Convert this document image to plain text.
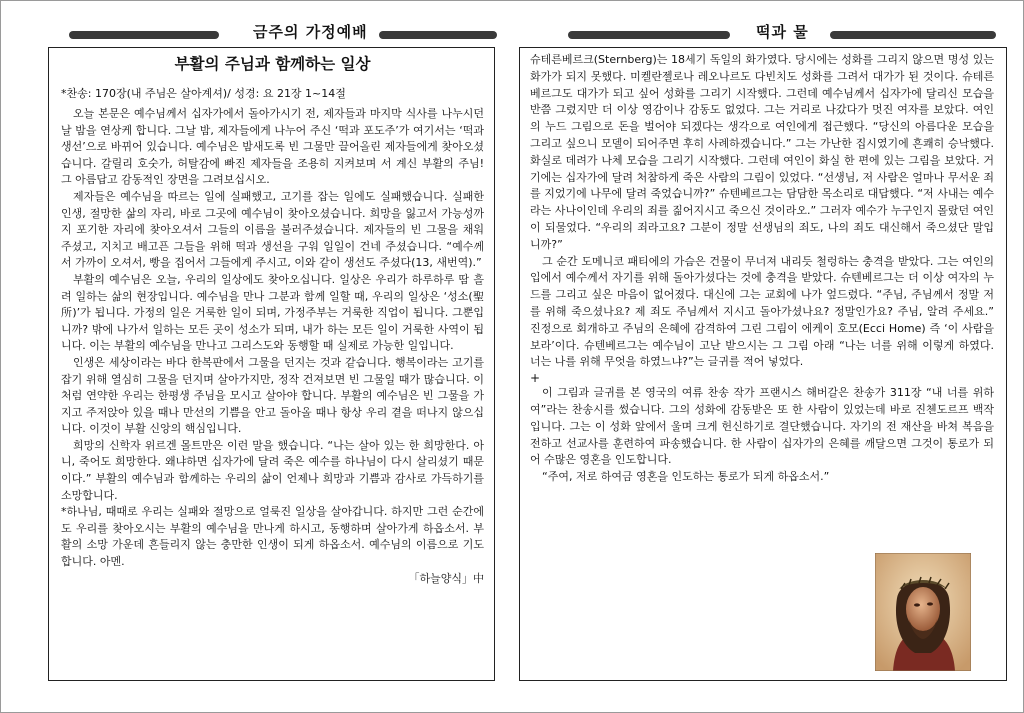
금주의 가정예배	떡과 물

부활의 주님과 함께하는 일상

*찬송: 170장(내 주님은 살아계셔)/ 성경: 요 21장 1~14절

오늘 본문은 예수님께서 십자가에서 돌아가시기 전, 제자들과 마지막 식사를 나누시던 날 밤을 연상케 합니다. 그날 밤, 제자들에게 나누어 주신 ‘떡과 포도주’가 여기서는 ‘떡과 생선’으로 바뀌어 있습니다. 예수님은 밤새도록 빈 그물만 끌어올린 제자들에게 찾아오셨습니다. 갈릴리 호숫가, 허탈감에 빠진 제자들을 조용히 지켜보며 서 계신 부활의 주님! 그 아름답고 감동적인 장면을 그려보십시오.

제자들은 예수님을 따르는 일에 실패했고, 고기를 잡는 일에도 실패했습니다. 실패한 인생, 절망한 삶의 자리, 바로 그곳에 예수님이 찾아오셨습니다. 희망을 잃고서 가능성까지 포기한 자리에 찾아오셔서 그들의 이름을 불러주셨습니다. 제자들의 빈 그물을 채워 주셨고, 지치고 배고픈 그들을 위해 떡과 생선을 구워 일일이 건네 주셨습니다. “예수께서 가까이 오셔서, 빵을 집어서 그들에게 주시고, 이와 같이 생선도 주셨다(13, 새번역).”

부활의 예수님은 오늘, 우리의 일상에도 찾아오십니다. 일상은 우리가 하루하루 땀 흘려 일하는 삶의 현장입니다. 예수님을 만나 그분과 함께 일할 때, 우리의 일상은 ‘성소(聖所)’가 됩니다. 가정의 일은 거룩한 일이 되며, 가정주부는 거룩한 직업이 됩니다. 그뿐입니까? 밖에 나가서 일하는 모든 곳이 성소가 되며, 내가 하는 모든 일이 거룩한 사역이 됩니다. 이는 부활의 예수님을 만나고 그리스도와 동행할 때 실제로 가능한 일입니다.

인생은 세상이라는 바다 한복판에서 그물을 던지는 것과 같습니다. 행복이라는 고기를 잡기 위해 열심히 그물을 던지며 살아가지만, 정작 건져보면 빈 그물일 때가 많습니다. 이처럼 연약한 우리는 한평생 주님을 모시고 살아야 합니다. 부활의 예수님은 빈 그물을 가지고 주저앉아 있을 때나 만선의 기쁨을 안고 돌아올 때나 항상 우리 곁을 떠나지 않으십니다. 이것이 부활 신앙의 핵심입니다.

희망의 신학자 위르겐 몰트만은 이런 말을 했습니다. “나는 살아 있는 한 희망한다. 아니, 죽어도 희망한다. 왜냐하면 십자가에 달려 죽은 예수를 하나님이 다시 살리셨기 때문이다.” 부활의 예수님과 함께하는 우리의 삶이 언제나 희망과 기쁨과 감사로 가득하기를 소망합니다.

*하나님, 때때로 우리는 실패와 절망으로 얼룩진 일상을 살아갑니다. 하지만 그런 순간에도 우리를 찾아오시는 부활의 예수님을 만나게 하시고, 동행하며 살아가게 하옵소서. 부활의 소망 가운데 흔들리지 않는 충만한 인생이 되게 하옵소서. 예수님의 이름으로 기도합니다. 아멘.

「하늘양식」中

슈테른베르크(Sternberg)는 18세기 독일의 화가였다. 당시에는 성화를 그리지 않으면 명성 있는 화가가 되지 못했다. 미켈란젤로나 레오나르도 다빈치도 성화를 그려서 대가가 된 것이다. 슈테른베르그도 대가가 되고 싶어 성화를 그리기 시작했다. 그런데 예수님께서 십자가에 달리신 모습을 반쯤 그렸지만 더 이상 영감이나 감동도 없었다. 그는 거리로 나갔다가 멋진 여자를 보았다. 여인의 누드 그림으로 돈을 벌어야 되겠다는 생각으로 여인에게 접근했다. “당신의 아름다운 모습을 그리고 싶으니 모델이 되어주면 후히 사례하겠습니다.” 그는 가난한 집시였기에 흔쾌히 승낙했다. 화실로 데려가 나체 모습을 그리기 시작했다. 그런데 여인이 화실 한 편에 있는 그림을 보았다. 거기에는 십자가에 달려 처참하게 죽은 사람의 그림이 있었다. “선생님, 저 사람은 얼마나 무서운 죄를 지었기에 나무에 달려 죽었습니까?” 슈텐베르그는 담담한 목소리로 대답했다. “저 사내는 예수라는 사나이인데 우리의 죄를 짊어지시고 죽으신 것이라오.” 그러자 예수가 누구인지 몰랐던 여인이 되물었다. “우리의 죄라고요? 그분이 정말 선생님의 죄도, 나의 죄도 대신해서 죽으셨단 말입니까?”

그 순간 도메니코 패티에의 가슴은 건물이 무너져 내리듯 철렁하는 충격을 받았다. 그는 여인의 입에서 예수께서 자기를 위해 돌아가셨다는 것에 충격을 받았다. 슈텐베르그는 더 이상 여자의 누드를 그리고 싶은 마음이 없어졌다. 대신에 그는 교회에 나가 엎드렸다. “주님, 주님께서 정말 저를 위해 죽으셨나요? 제 죄도 주님께서 지시고 돌아가셨나요? 정말인가요? 주님, 알려 주세요.” 진정으로 회개하고 주님의 은혜에 감격하여 그린 그림이 에케이 호모(Ecci Home) 즉 ‘이 사람을 보라’이다. 슈텐베르그는 예수님이 고난 받으시는 그 그림 아래 “나는 너를 위해 이렇게 하였다. 너는 나를 위해 무엇을 하였느냐?”는 글귀를 적어 넣었다.

+

이 그림과 글귀를 본 영국의 여류 찬송 작가 프랜시스 해버갈은 찬송가 311장 “내 너를 위하여”라는 찬송시를 썼습니다. 그의 성화에 감동받은 또 한 사람이 있었는데 바로 진첸도르프 백작입니다. 그는 이 성화 앞에서 울며 크게 헌신하기로 결단했습니다. 자기의 전 재산을 바쳐 복음을 전하고 선교사를 훈련하여 파송했습니다. 한 사람이 십자가의 은혜를 깨달으면 그것이 통로가 되어 수많은 영혼을 인도합니다.

“주여, 저로 하여금 영혼을 인도하는 통로가 되게 하옵소서.”
